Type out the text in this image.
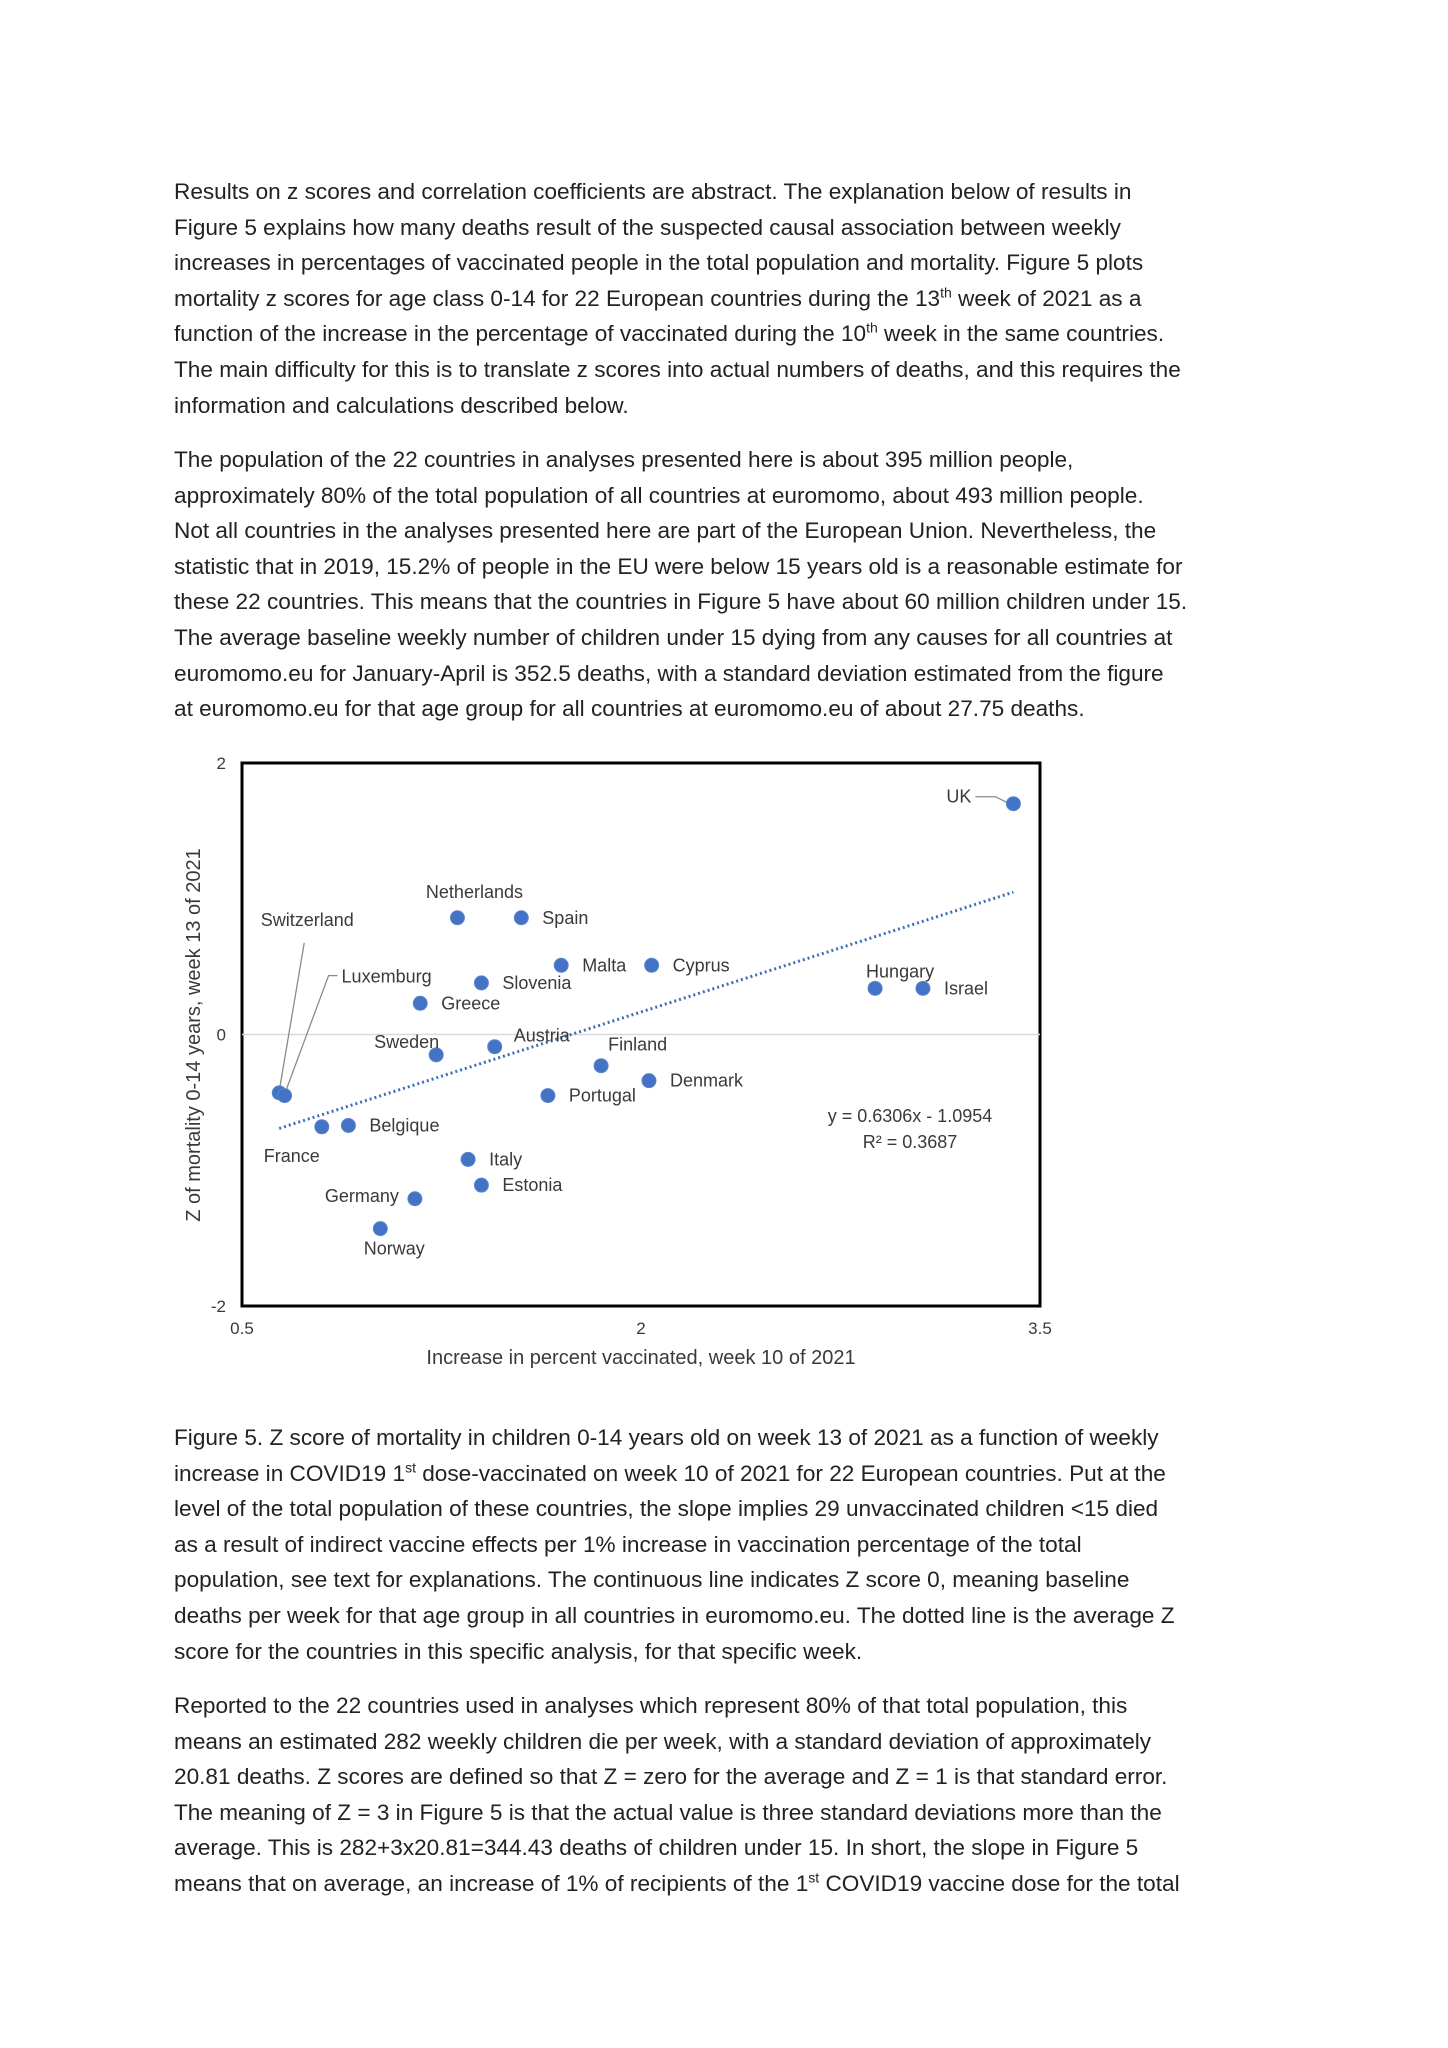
Results on z scores and correlation coefficients are abstract. The explanation below of results in
Figure 5 explains how many deaths result of the suspected causal association between weekly
increases in percentages of vaccinated people in the total population and mortality. Figure 5 plots
mortality z scores for age class 0-14 for 22 European countries during the 13th week of 2021 as a
function of the increase in the percentage of vaccinated during the 10th week in the same countries.
The main difficulty for this is to translate z scores into actual numbers of deaths, and this requires the
information and calculations described below.
The population of the 22 countries in analyses presented here is about 395 million people,
approximately 80% of the total population of all countries at euromomo, about 493 million people.
Not all countries in the analyses presented here are part of the European Union. Nevertheless, the
statistic that in 2019, 15.2% of people in the EU were below 15 years old is a reasonable estimate for
these 22 countries. This means that the countries in Figure 5 have about 60 million children under 15.
The average baseline weekly number of children under 15 dying from any causes for all countries at
euromomo.eu for January-April is 352.5 deaths, with a standard deviation estimated from the figure
at euromomo.eu for that age group for all countries at euromomo.eu of about 27.75 deaths.
0.5	2	3.5
2
0
-2
UK
Netherlands
Spain
Switzerland
Luxemburg
Malta	Cyprus
Slovenia
Greece
Hungary
Israel
Sweden	Austria Finland
Denmark
Portugal
France
Belgique
Italy
Estonia
Germany
Norway
y = 0.6306x - 1.0954
R² = 0.3687
Increase in percent vaccinated, week 10 of 2021
Z of mortality 0-14 years, week 13 of 2021
Figure 5. Z score of mortality in children 0-14 years old on week 13 of 2021 as a function of weekly
increase in COVID19 1st dose-vaccinated on week 10 of 2021 for 22 European countries. Put at the
level of the total population of these countries, the slope implies 29 unvaccinated children <15 died
as a result of indirect vaccine effects per 1% increase in vaccination percentage of the total
population, see text for explanations. The continuous line indicates Z score 0, meaning baseline
deaths per week for that age group in all countries in euromomo.eu. The dotted line is the average Z
score for the countries in this specific analysis, for that specific week.
Reported to the 22 countries used in analyses which represent 80% of that total population, this
means an estimated 282 weekly children die per week, with a standard deviation of approximately
20.81 deaths. Z scores are defined so that Z = zero for the average and Z = 1 is that standard error.
The meaning of Z = 3 in Figure 5 is that the actual value is three standard deviations more than the
average. This is 282+3x20.81=344.43 deaths of children under 15. In short, the slope in Figure 5
means that on average, an increase of 1% of recipients of the 1st COVID19 vaccine dose for the total
